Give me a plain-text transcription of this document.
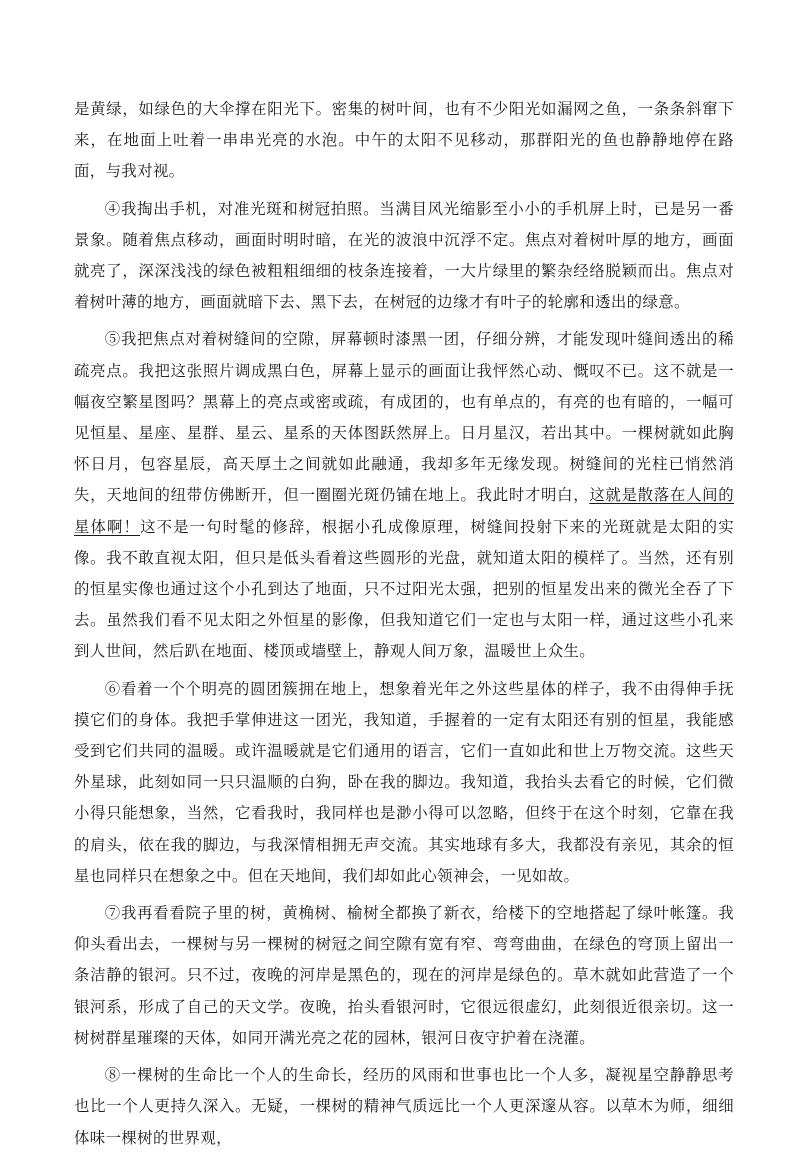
是黄绿，如绿色的大伞撑在阳光下。密集的树叶间，也有不少阳光如漏网之鱼，一条条斜窜下来，在地面上吐着一串串光亮的水泡。中午的太阳不见移动，那群阳光的鱼也静静地停在路面，与我对视。

④我掏出手机，对准光斑和树冠拍照。当满目风光缩影至小小的手机屏上时，已是另一番景象。随着焦点移动，画面时明时暗，在光的波浪中沉浮不定。焦点对着树叶厚的地方，画面就亮了，深深浅浅的绿色被粗粗细细的枝条连接着，一大片绿里的繁杂经络脱颖而出。焦点对着树叶薄的地方，画面就暗下去、黑下去，在树冠的边缘才有叶子的轮廓和透出的绿意。

⑤我把焦点对着树缝间的空隙，屏幕顿时漆黑一团，仔细分辨，才能发现叶缝间透出的稀疏亮点。我把这张照片调成黑白色，屏幕上显示的画面让我怦然心动、慨叹不已。这不就是一幅夜空繁星图吗？黑幕上的亮点或密或疏，有成团的，也有单点的，有亮的也有暗的，一幅可见恒星、星座、星群、星云、星系的天体图跃然屏上。日月星汉，若出其中。一棵树就如此胸怀日月，包容星辰，高天厚土之间就如此融通，我却多年无缘发现。树缝间的光柱已悄然消失，天地间的纽带仿佛断开，但一圈圈光斑仍铺在地上。我此时才明白，这就是散落在人间的星体啊！这不是一句时髦的修辞，根据小孔成像原理，树缝间投射下来的光斑就是太阳的实像。我不敢直视太阳，但只是低头看着这些圆形的光盘，就知道太阳的模样了。当然，还有别的恒星实像也通过这个小孔到达了地面，只不过阳光太强，把别的恒星发出来的微光全吞了下去。虽然我们看不见太阳之外恒星的影像，但我知道它们一定也与太阳一样，通过这些小孔来到人世间，然后趴在地面、楼顶或墙壁上，静观人间万象，温暖世上众生。

⑥看着一个个明亮的圆团簇拥在地上，想象着光年之外这些星体的样子，我不由得伸手抚摸它们的身体。我把手掌伸进这一团光，我知道，手握着的一定有太阳还有别的恒星，我能感受到它们共同的温暖。或许温暖就是它们通用的语言，它们一直如此和世上万物交流。这些天外星球，此刻如同一只只温顺的白狗，卧在我的脚边。我知道，我抬头去看它的时候，它们微小得只能想象，当然，它看我时，我同样也是渺小得可以忽略，但终于在这个时刻，它靠在我的肩头，依在我的脚边，与我深情相拥无声交流。其实地球有多大，我都没有亲见，其余的恒星也同样只在想象之中。但在天地间，我们却如此心领神会，一见如故。

⑦我再看看院子里的树，黄桷树、榆树全都换了新衣，给楼下的空地搭起了绿叶帐篷。我仰头看出去，一棵树与另一棵树的树冠之间空隙有宽有窄、弯弯曲曲，在绿色的穹顶上留出一条洁静的银河。只不过，夜晚的河岸是黑色的，现在的河岸是绿色的。草木就如此营造了一个银河系，形成了自己的天文学。夜晚，抬头看银河时，它很远很虚幻，此刻很近很亲切。这一树树群星璀璨的天体，如同开满光亮之花的园林，银河日夜守护着在浇灌。

⑧一棵树的生命比一个人的生命长，经历的风雨和世事也比一个人多，凝视星空静静思考也比一个人更持久深入。无疑，一棵树的精神气质远比一个人更深邃从容。以草木为师，细细体味一棵树的世界观，
